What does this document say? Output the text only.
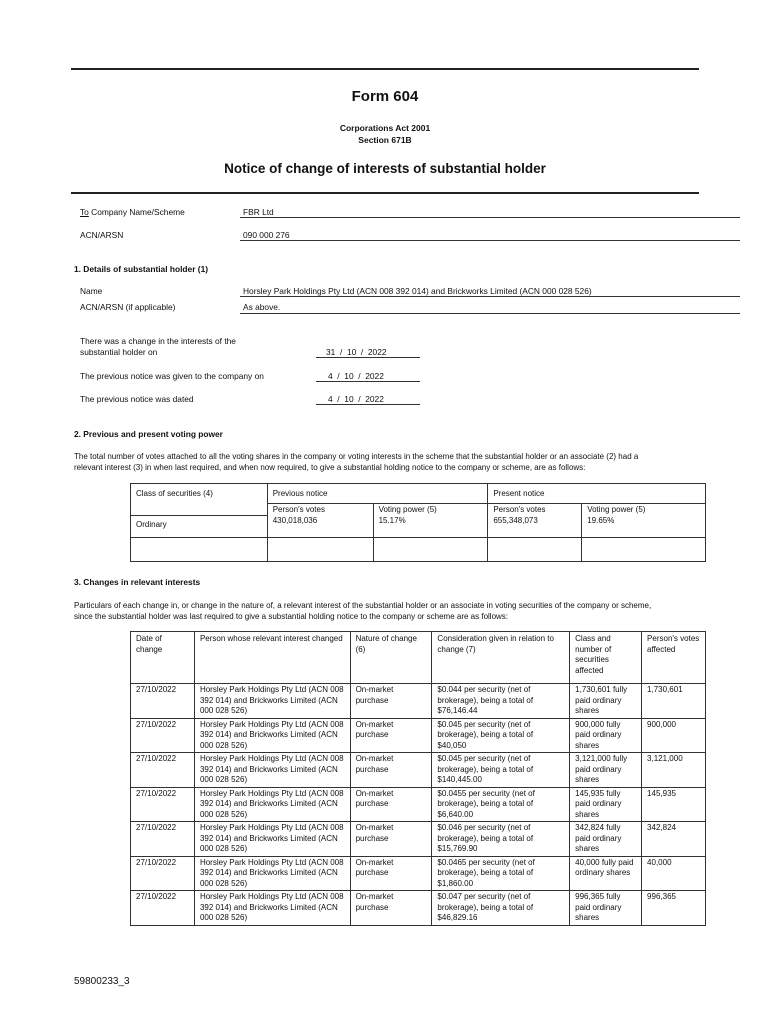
Form 604
Corporations Act 2001
Section 671B
Notice of change of interests of substantial holder
To Company Name/Scheme	FBR Ltd
ACN/ARSN	090 000 276
1. Details of substantial holder (1)
Name	Horsley Park Holdings Pty Ltd (ACN 008 392 014) and Brickworks Limited (ACN 000 028 526)
ACN/ARSN (if applicable)	As above.
There was a change in the interests of the
substantial holder on	31  /  10  /  2022
The previous notice was given to the company on	4  /  10  /  2022
The previous notice was dated	4  /  10  /  2022
2. Previous and present voting power
The total number of votes attached to all the voting shares in the company or voting interests in the scheme that the substantial holder or an associate (2) had a
relevant interest (3) in when last required, and when now required, to give a substantial holding notice to the company or scheme, are as follows:
Class of securities (4)	Previous notice		Present notice	
	Person's votes	Voting power (5)	Person's votes	Voting power (5)
Ordinary	430,018,036	15.17%	655,348,073	19.65%

3. Changes in relevant interests
Particulars of each change in, or change in the nature of, a relevant interest of the substantial holder or an associate in voting securities of the company or scheme,
since the substantial holder was last required to give a substantial holding notice to the company or scheme are as follows:
Date of change	Person whose relevant interest changed	Nature of change (6)	Consideration given in relation to change (7)	Class and number of securities affected	Person's votes affected
27/10/2022	Horsley Park Holdings Pty Ltd (ACN 008 392 014) and Brickworks Limited (ACN 000 028 526)	On-market purchase	$0.044 per security (net of brokerage), being a total of $76,146.44	1,730,601 fully paid ordinary shares	1,730,601
27/10/2022	Horsley Park Holdings Pty Ltd (ACN 008 392 014) and Brickworks Limited (ACN 000 028 526)	On-market purchase	$0.045 per security (net of brokerage), being a total of $40,050	900,000 fully paid ordinary shares	900,000
27/10/2022	Horsley Park Holdings Pty Ltd (ACN 008 392 014) and Brickworks Limited (ACN 000 028 526)	On-market purchase	$0.045 per security (net of brokerage), being a total of $140,445.00	3,121,000 fully paid ordinary shares	3,121,000
27/10/2022	Horsley Park Holdings Pty Ltd (ACN 008 392 014) and Brickworks Limited (ACN 000 028 526)	On-market purchase	$0.0455 per security (net of brokerage), being a total of $6,640.00	145,935 fully paid ordinary shares	145,935
27/10/2022	Horsley Park Holdings Pty Ltd (ACN 008 392 014) and Brickworks Limited (ACN 000 028 526)	On-market purchase	$0.046 per security (net of brokerage), being a total of $15,769.90	342,824 fully paid ordinary shares	342,824
27/10/2022	Horsley Park Holdings Pty Ltd (ACN 008 392 014) and Brickworks Limited (ACN 000 028 526)	On-market purchase	$0.0465 per security (net of brokerage), being a total of $1,860.00	40,000 fully paid ordinary shares	40,000
27/10/2022	Horsley Park Holdings Pty Ltd (ACN 008 392 014) and Brickworks Limited (ACN 000 028 526)	On-market purchase	$0.047 per security (net of brokerage), being a total of $46,829.16	996,365 fully paid ordinary shares	996,365
59800233_3
